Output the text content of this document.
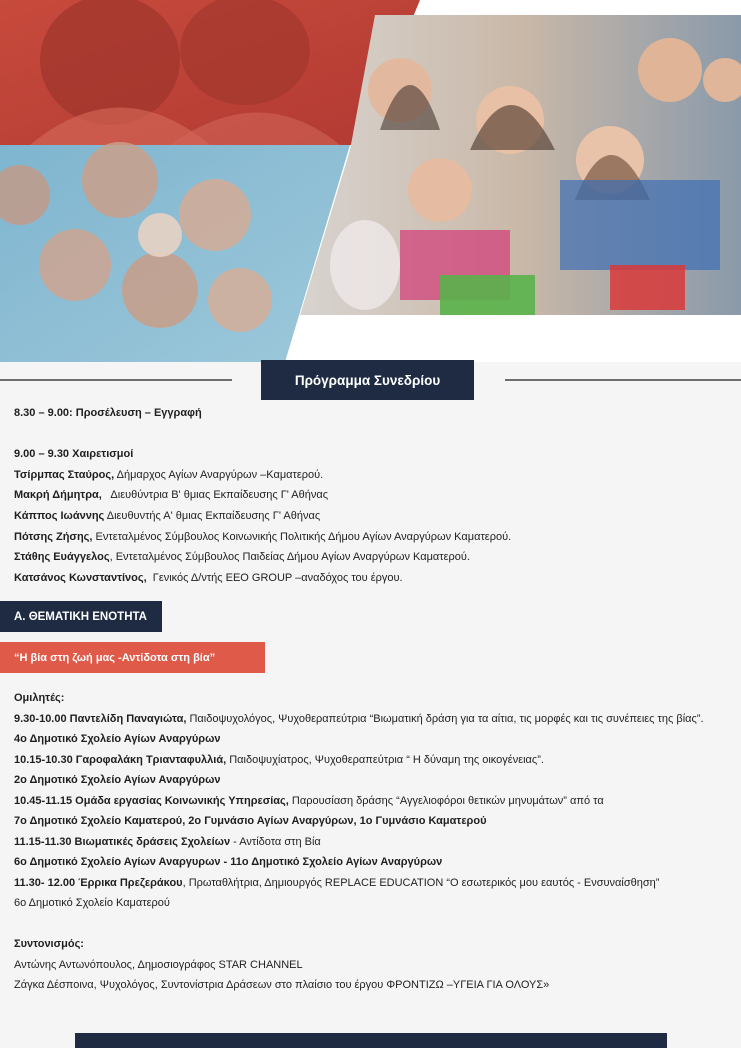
Πρόγραμμα Συνεδρίου

8.30 – 9.00: Προσέλευση – Εγγραφή

9.00 – 9.30 Χαιρετισμοί

Τσίρμπας Σταύρος, Δήμαρχος Αγίων Αναργύρων –Καματερού.

Μακρή Δήμητρα,   Διευθύντρια Β' θμιας Εκπαίδευσης Γ' Αθήνας

Κάππος Ιωάννης Διευθυντής Α' θμιας Εκπαίδευσης Γ' Αθήνας

Πότσης Ζήσης, Εντεταλμένος Σύμβουλος Κοινωνικής Πολιτικής Δήμου Αγίων Αναργύρων Καματερού.

Στάθης Ευάγγελος, Εντεταλμένος Σύμβουλος Παιδείας Δήμου Αγίων Αναργύρων Καματερού.

Κατσάνος Κωνσταντίνος,  Γενικός Δ/ντής ΕΕΟ GROUP –αναδόχος του έργου.

Α. ΘΕΜΑΤΙΚΗ ΕΝΟΤΗΤΑ
“Η βία στη ζωή μας -Αντίδοτα στη βία”

Ομιλητές:

9.30-10.00 Παντελίδη Παναγιώτα, Παιδοψυχολόγος, Ψυχοθεραπεύτρια “Βιωματική δράση για τα αίτια, τις μορφές και τις συνέπειες της βίας”.

4ο Δημοτικό Σχολείο Αγίων Αναργύρων

10.15-10.30 Γαροφαλάκη Τριανταφυλλιά, Παιδοψυχίατρος, Ψυχοθεραπεύτρια “ Η δύναμη της οικογένειας”.

2ο Δημοτικό Σχολείο Αγίων Αναργύρων

10.45-11.15 Ομάδα εργασίας Κοινωνικής Υπηρεσίας, Παρουσίαση δράσης “Αγγελιοφόροι θετικών μηνυμάτων” από τα

7ο Δημοτικό Σχολείο Καματερού, 2ο Γυμνάσιο Αγίων Αναργύρων, 1ο Γυμνάσιο Καματερού

11.15-11.30 Βιωματικές δράσεις Σχολείων - Αντίδοτα στη Βία

6ο Δημοτικό Σχολείο Αγίων Αναργυρων - 11ο Δημοτικό Σχολείο Αγίων Αναργύρων

11.30- 12.00 Έρρικα Πρεζεράκου, Πρωταθλήτρια, Δημιουργός REPLACE EDUCATION “Ο εσωτερικός μου εαυτός - Ενσυναίσθηση”

6ο Δημοτικό Σχολείο Καματερού

Συντονισμός:

Αντώνης Αντωνόπουλος, Δημοσιογράφος STAR CHANNEL

Ζάγκα Δέσποινα, Ψυχολόγος, Συντονίστρια Δράσεων στο πλαίσιο του έργου ΦΡΟΝΤΙΖΩ –ΥΓΕΙΑ ΓΙΑ ΟΛΟΥΣ»
